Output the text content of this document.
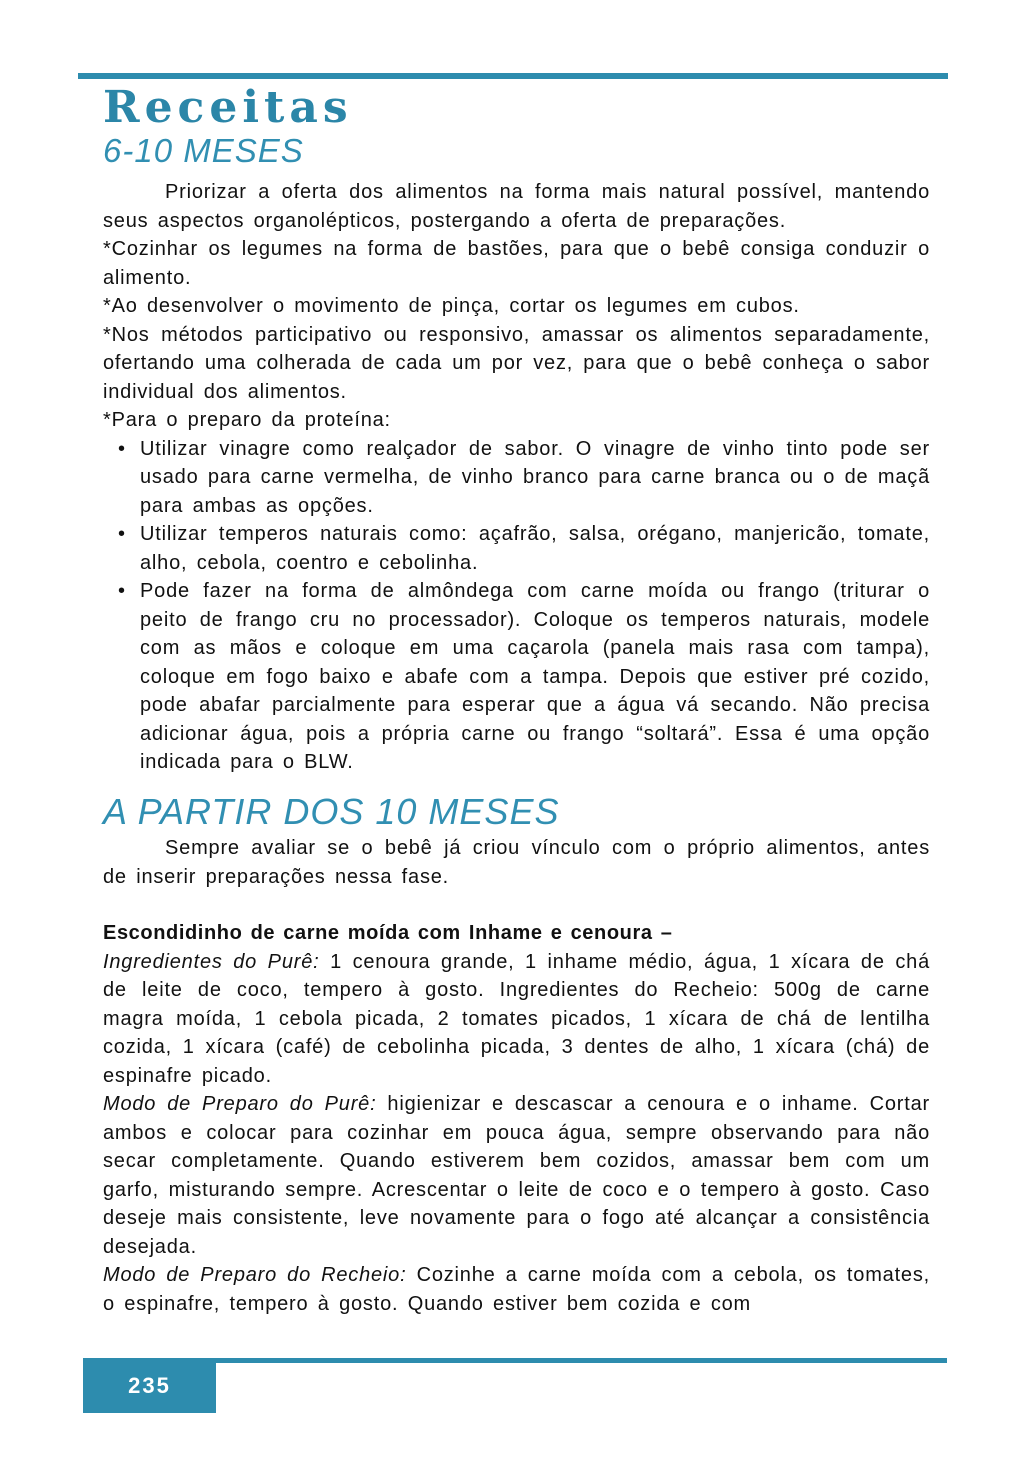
Receitas
6-10 MESES

Priorizar a oferta dos alimentos na forma mais natural possível, mantendo seus aspectos organolépticos, postergando a oferta de preparações.

*Cozinhar os legumes na forma de bastões, para que o bebê consiga conduzir o alimento.

*Ao desenvolver o movimento de pinça, cortar os legumes em cubos.

*Nos métodos participativo ou responsivo, amassar os alimentos separadamente, ofertando uma colherada de cada um por vez, para que o bebê conheça o sabor individual dos alimentos.

*Para o preparo da proteína:

• Utilizar vinagre como realçador de sabor. O vinagre de vinho tinto pode ser usado para carne vermelha, de vinho branco para carne branca ou o de maçã para ambas as opções.
• Utilizar temperos naturais como: açafrão, salsa, orégano, manjericão, tomate, alho, cebola, coentro e cebolinha.
• Pode fazer na forma de almôndega com carne moída ou frango (triturar o peito de frango cru no processador). Coloque os temperos naturais, modele com as mãos e coloque em uma caçarola (panela mais rasa com tampa), coloque em fogo baixo e abafe com a tampa. Depois que estiver pré cozido, pode abafar parcialmente para esperar que a água vá secando. Não precisa adicionar água, pois a própria carne ou frango “soltará”. Essa é uma opção indicada para o BLW.
A PARTIR DOS 10 MESES

Sempre avaliar se o bebê já criou vínculo com o próprio alimentos, antes de inserir preparações nessa fase.

Escondidinho de carne moída com Inhame e cenoura –

Ingredientes do Purê: 1 cenoura grande, 1 inhame médio, água, 1 xícara de chá de leite de coco, tempero à gosto. Ingredientes do Recheio: 500g de carne magra moída, 1 cebola picada, 2 tomates picados, 1 xícara de chá de lentilha cozida, 1 xícara (café) de cebolinha picada, 3 dentes de alho, 1 xícara (chá) de espinafre picado.

Modo de Preparo do Purê: higienizar e descascar a cenoura e o inhame. Cortar ambos e colocar para cozinhar em pouca água, sempre observando para não secar completamente. Quando estiverem bem cozidos, amassar bem com um garfo, misturando sempre. Acrescentar o leite de coco e o tempero à gosto. Caso deseje mais consistente, leve novamente para o fogo até alcançar a consistência desejada.

Modo de Preparo do Recheio: Cozinhe a carne moída com a cebola, os tomates, o espinafre, tempero à gosto. Quando estiver bem cozida e com

235
